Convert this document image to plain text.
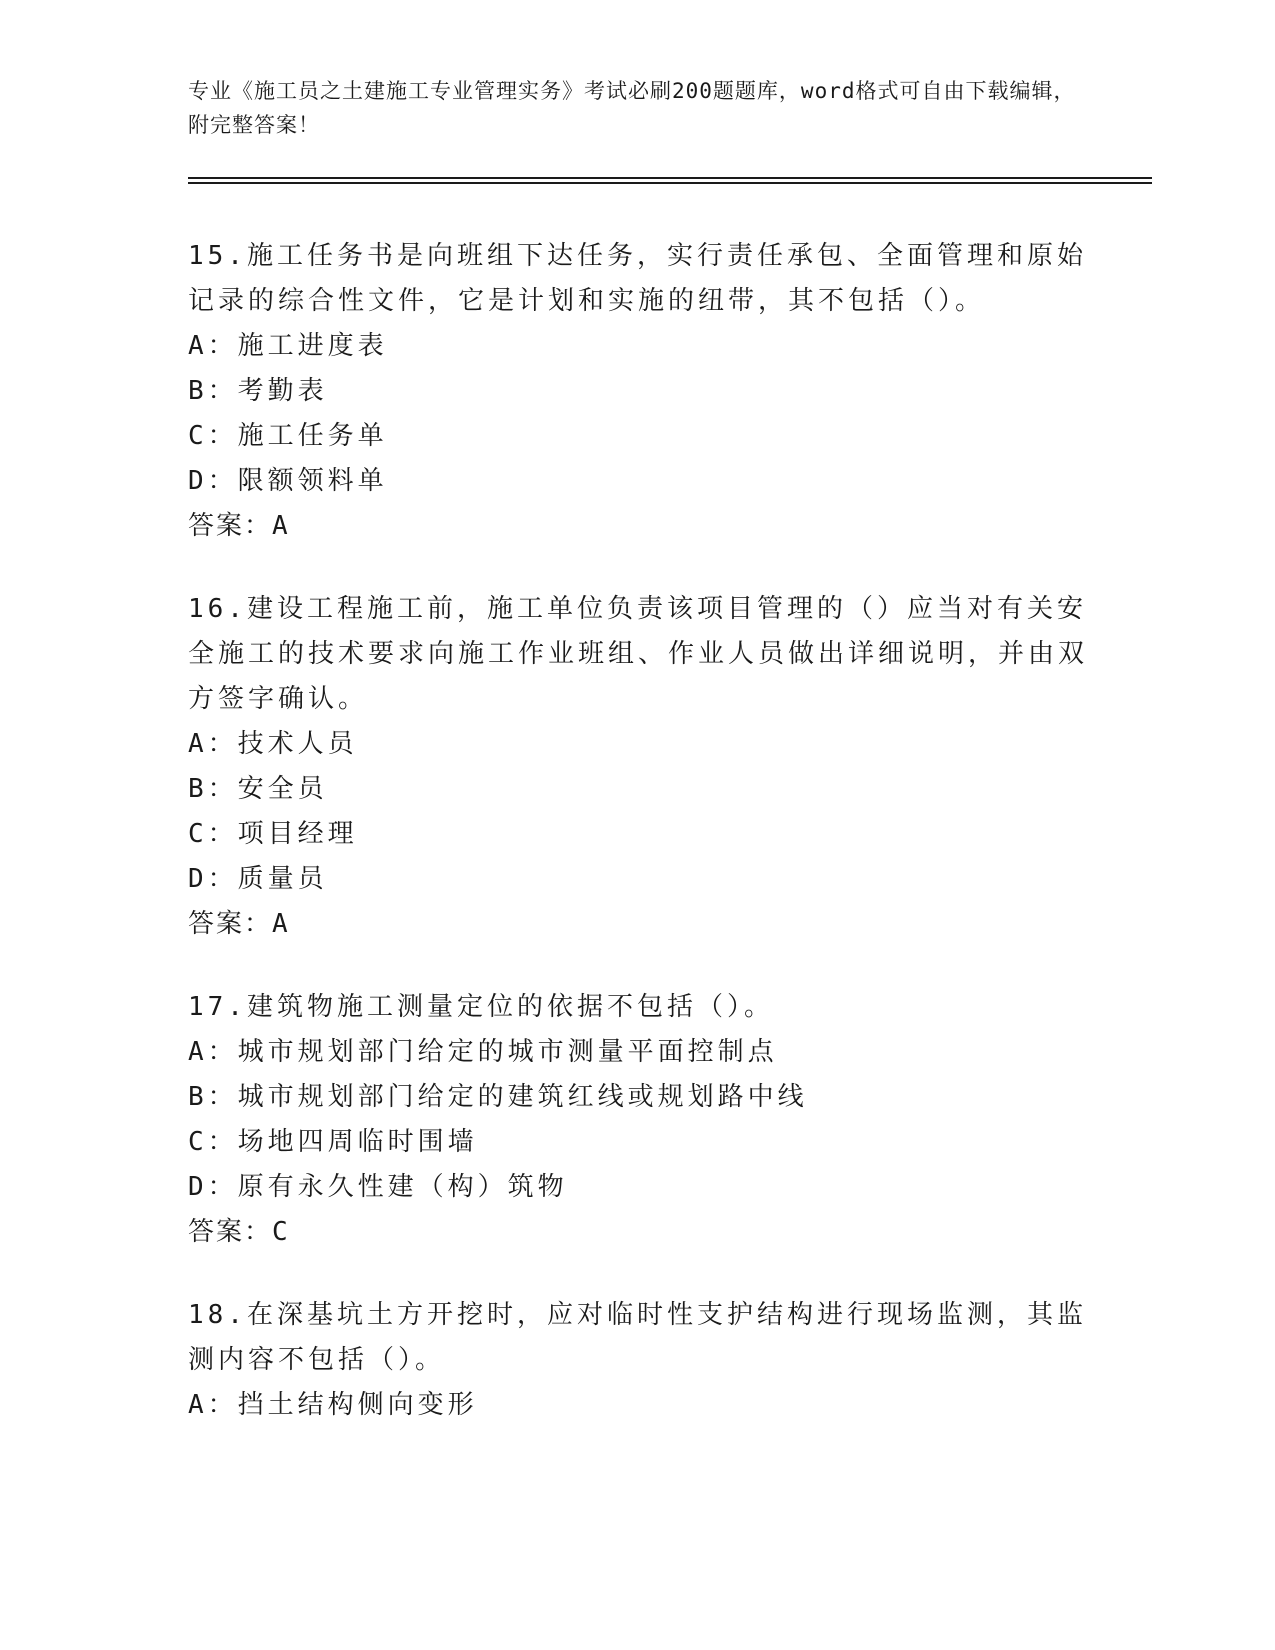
专业《施工员之土建施工专业管理实务》考试必刷200题题库，word格式可自由下载编辑，附完整答案！
15.施工任务书是向班组下达任务，实行责任承包、全面管理和原始记录的综合性文件，它是计划和实施的纽带，其不包括（）。
A：施工进度表
B：考勤表
C：施工任务单
D：限额领料单
答案：A
16.建设工程施工前，施工单位负责该项目管理的（）应当对有关安全施工的技术要求向施工作业班组、作业人员做出详细说明，并由双方签字确认。
A：技术人员
B：安全员
C：项目经理
D：质量员
答案：A
17.建筑物施工测量定位的依据不包括（）。
A：城市规划部门给定的城市测量平面控制点
B：城市规划部门给定的建筑红线或规划路中线
C：场地四周临时围墙
D：原有永久性建（构）筑物
答案：C
18.在深基坑土方开挖时，应对临时性支护结构进行现场监测，其监测内容不包括（）。
A：挡土结构侧向变形
